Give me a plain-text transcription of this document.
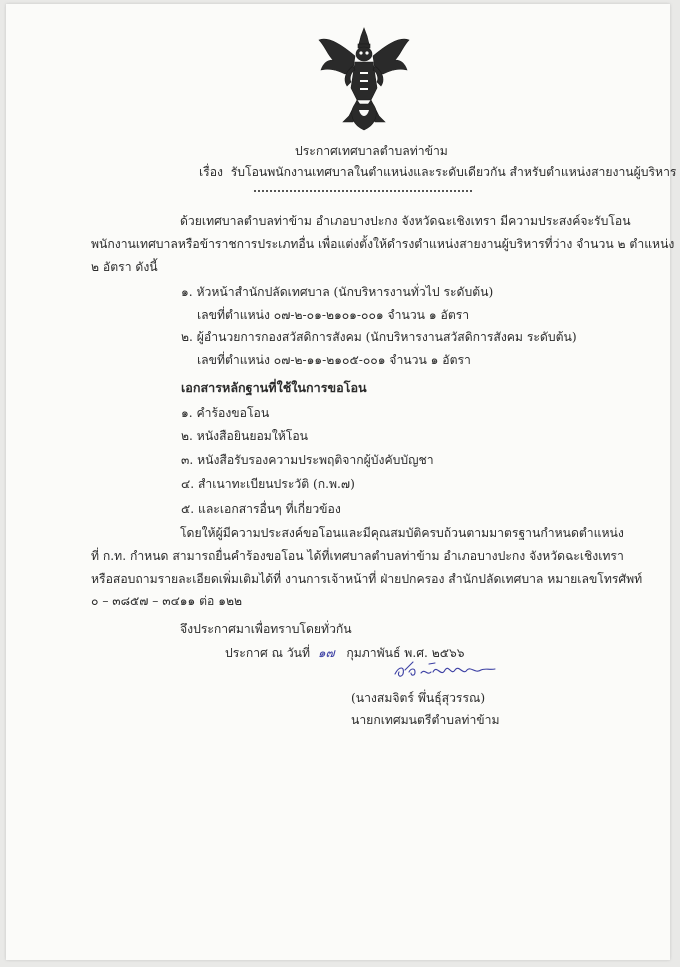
ประกาศเทศบาลตำบลท่าข้าม
เรื่อง รับโอนพนักงานเทศบาลในตำแหน่งและระดับเดียวกัน สำหรับตำแหน่งสายงานผู้บริหาร
ด้วยเทศบาลตำบลท่าข้าม อำเภอบางปะกง จังหวัดฉะเชิงเทรา มีความประสงค์จะรับโอน
พนักงานเทศบาลหรือข้าราชการประเภทอื่น เพื่อแต่งตั้งให้ดำรงตำแหน่งสายงานผู้บริหารที่ว่าง จำนวน ๒ ตำแหน่ง
๒ อัตรา ดังนี้
๑. หัวหน้าสำนักปลัดเทศบาล (นักบริหารงานทั่วไป ระดับต้น)
เลขที่ตำแหน่ง ๐๗-๒-๐๑-๒๑๐๑-๐๐๑ จำนวน ๑ อัตรา
๒. ผู้อำนวยการกองสวัสดิการสังคม (นักบริหารงานสวัสดิการสังคม ระดับต้น)
เลขที่ตำแหน่ง ๐๗-๒-๑๑-๒๑๐๕-๐๐๑ จำนวน ๑ อัตรา
เอกสารหลักฐานที่ใช้ในการขอโอน
๑. คำร้องขอโอน
๒. หนังสือยินยอมให้โอน
๓. หนังสือรับรองความประพฤติจากผู้บังคับบัญชา
๔. สำเนาทะเบียนประวัติ (ก.พ.๗)
๕. และเอกสารอื่นๆ ที่เกี่ยวข้อง
โดยให้ผู้มีความประสงค์ขอโอนและมีคุณสมบัติครบถ้วนตามมาตรฐานกำหนดตำแหน่ง
ที่ ก.ท. กำหนด สามารถยื่นคำร้องขอโอน ได้ที่เทศบาลตำบลท่าข้าม อำเภอบางปะกง จังหวัดฉะเชิงเทรา
หรือสอบถามรายละเอียดเพิ่มเติมได้ที่ งานการเจ้าหน้าที่ ฝ่ายปกครอง สำนักปลัดเทศบาล หมายเลขโทรศัพท์
๐ – ๓๘๕๗ – ๓๔๑๑ ต่อ ๑๒๒
จึงประกาศมาเพื่อทราบโดยทั่วกัน
ประกาศ ณ วันที่ ๑๗ กุมภาพันธ์ พ.ศ. ๒๕๖๖
(นางสมจิตร์ พึ่นธุ์สุวรรณ)
นายกเทศมนตรีตำบลท่าข้าม
